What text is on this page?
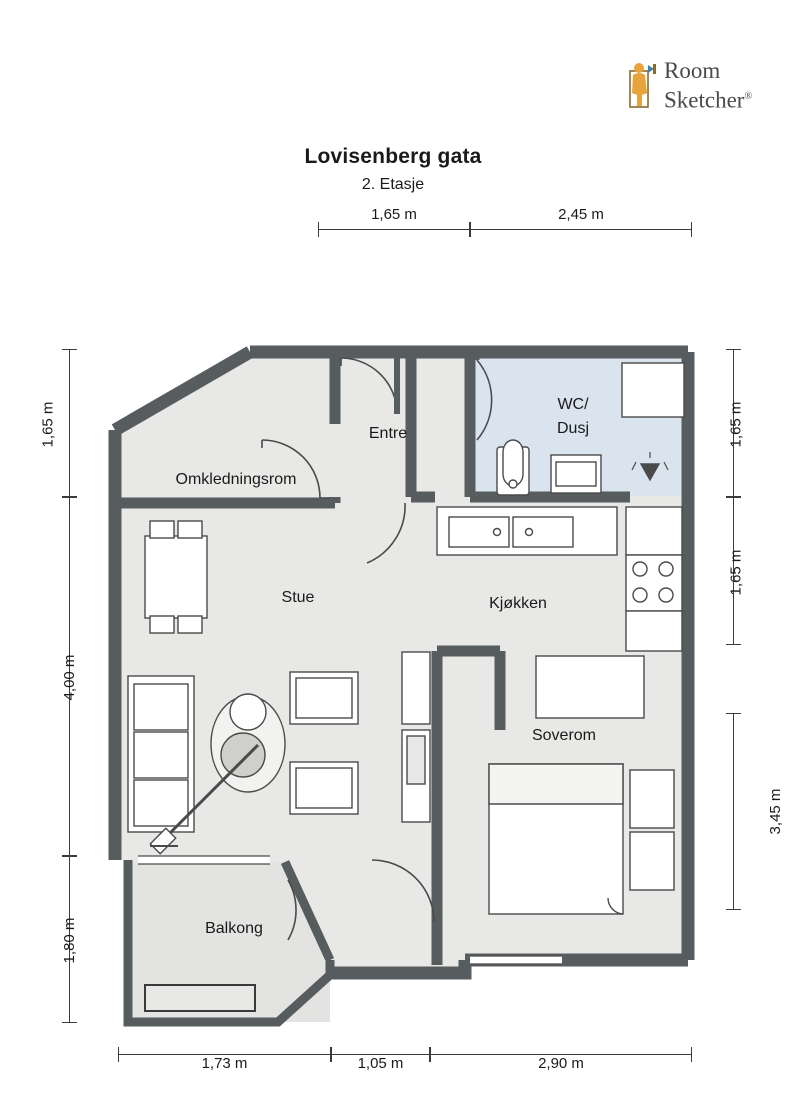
Room
Sketcher®
Lovisenberg gata
2. Etasje
1,65 m	2,45 m
1,73 m	1,05 m	2,90 m
1,65 m
4,00 m
1,80 m
1,65 m
1,65 m
3,45 m
Entre
WC/
Dusj
Omkledningsrom
Stue	Kjøkken
Soverom
Balkong
